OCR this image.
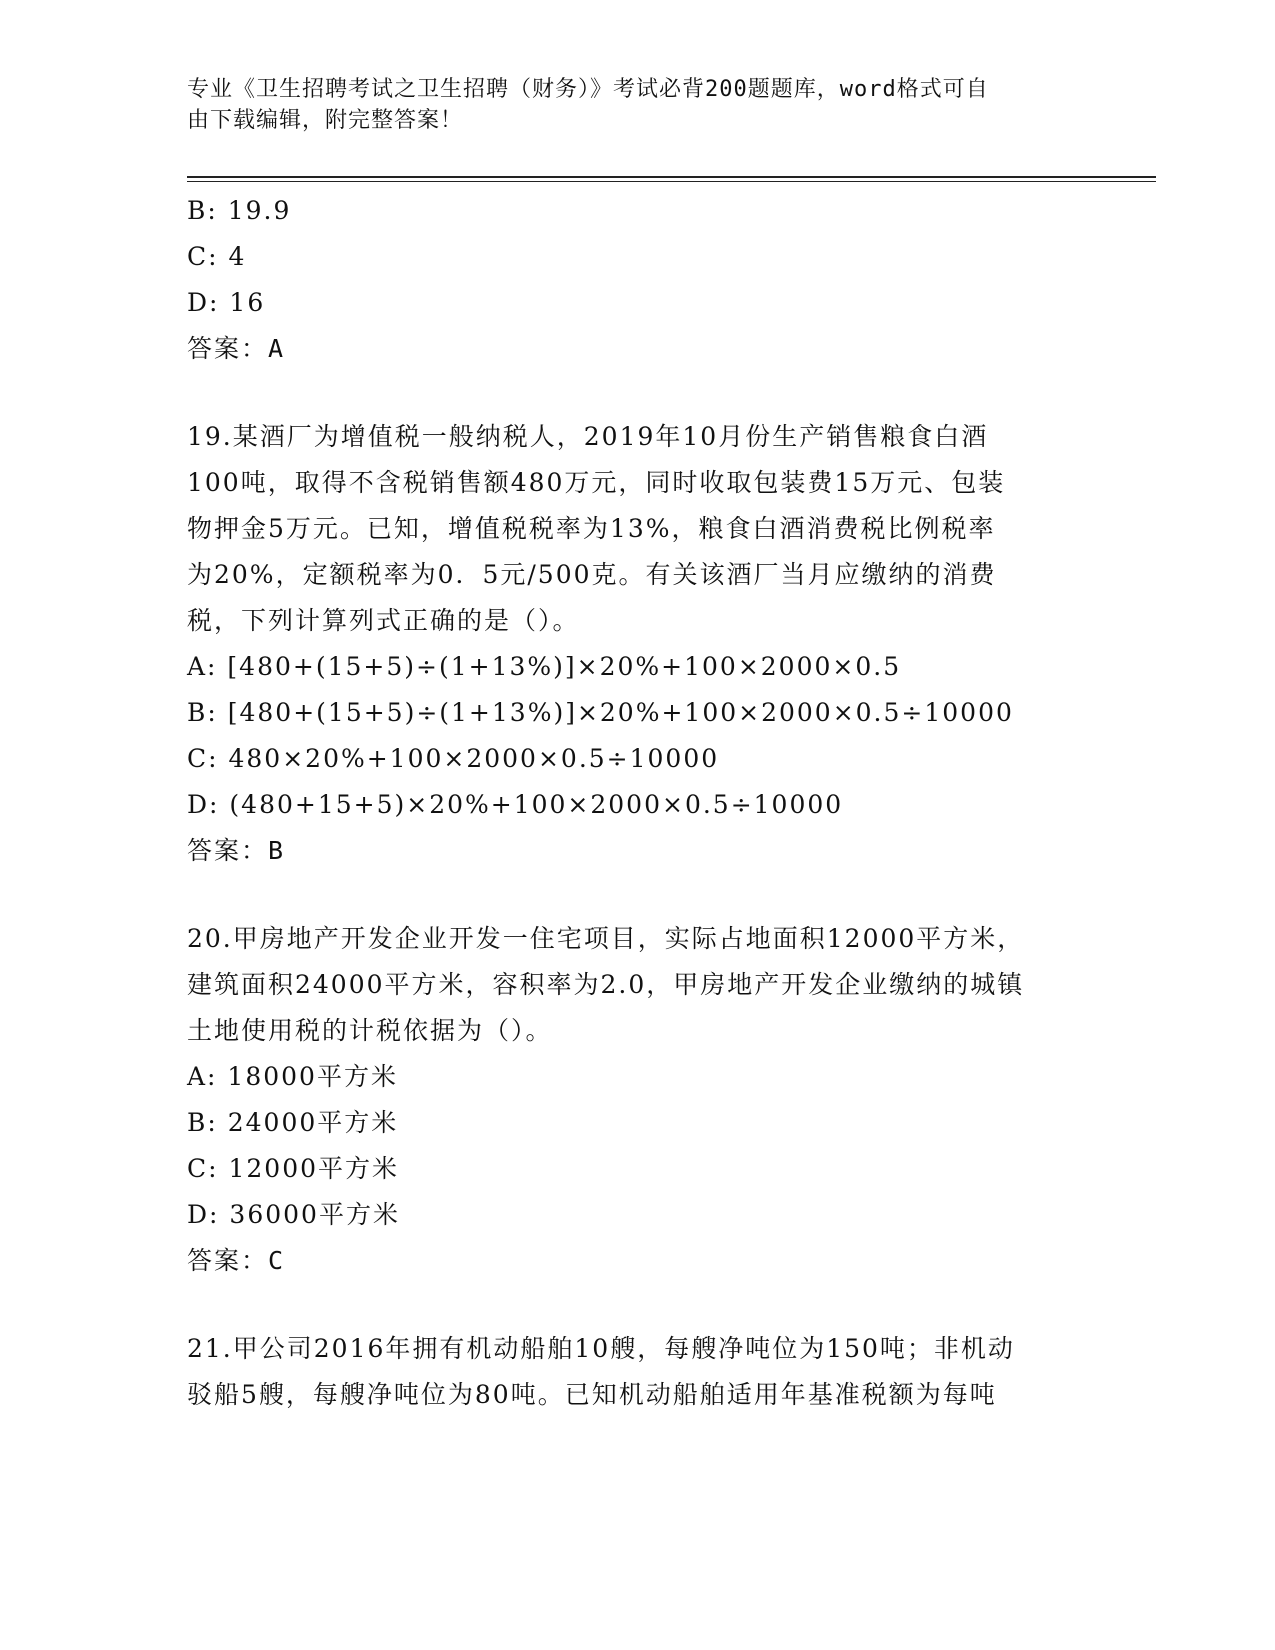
专业《卫生招聘考试之卫生招聘（财务）》考试必背200题题库，word格式可自
由下载编辑，附完整答案！
B: 19.9
C: 4
D: 16
答案：A
19.某酒厂为增值税一般纳税人，2019年10月份生产销售粮食白酒
100吨，取得不含税销售额480万元，同时收取包装费15万元、包装
物押金5万元。已知，增值税税率为13%，粮食白酒消费税比例税率
为20%，定额税率为0．5元/500克。有关该酒厂当月应缴纳的消费
税，下列计算列式正确的是（）。
A: [480+(15+5)÷(1+13%)]×20%+100×2000×0.5
B: [480+(15+5)÷(1+13%)]×20%+100×2000×0.5÷10000
C: 480×20%+100×2000×0.5÷10000
D: (480+15+5)×20%+100×2000×0.5÷10000
答案：B
20.甲房地产开发企业开发一住宅项目，实际占地面积12000平方米，
建筑面积24000平方米，容积率为2.0，甲房地产开发企业缴纳的城镇
土地使用税的计税依据为（）。
A: 18000平方米
B: 24000平方米
C: 12000平方米
D: 36000平方米
答案：C
21.甲公司2016年拥有机动船舶10艘，每艘净吨位为150吨；非机动
驳船5艘，每艘净吨位为80吨。已知机动船舶适用年基准税额为每吨
